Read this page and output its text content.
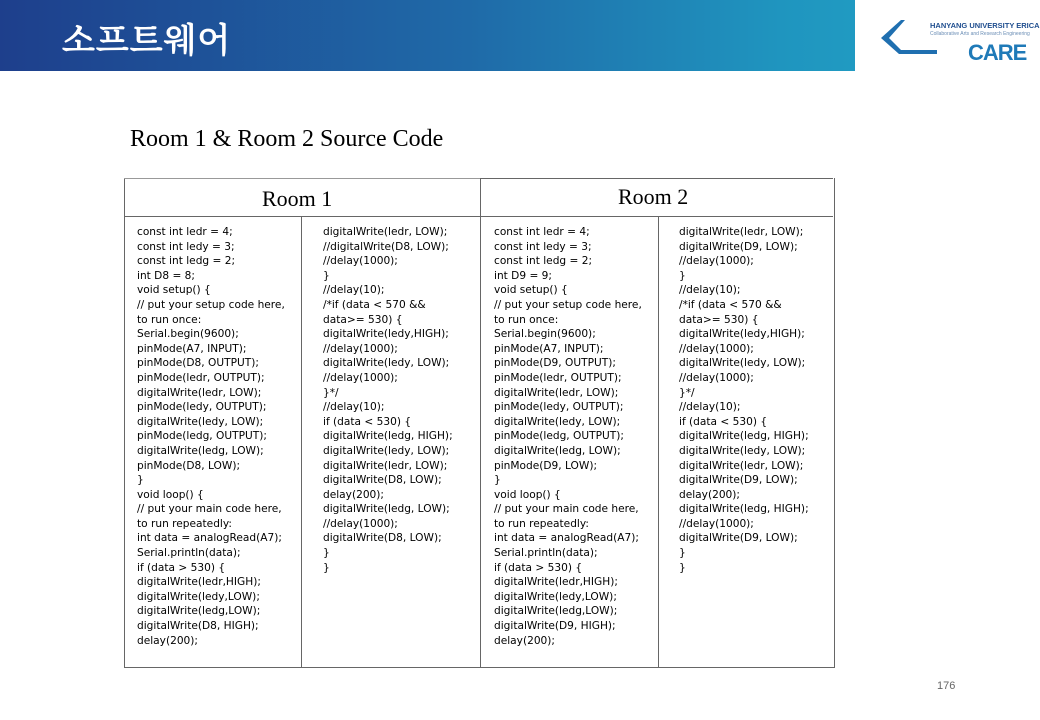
소프트웨어	HANYANG UNIVERSITY ERICA
Collaborative Arts and Research Engineering
CARE
Room 1 & Room 2 Source Code
Room 1	Room 2
const int ledr = 4;
const int ledy = 3;
const int ledg = 2;
int D8 = 8;
void setup() {
// put your setup code here,
to run once:
Serial.begin(9600);
pinMode(A7, INPUT);
pinMode(D8, OUTPUT);
pinMode(ledr, OUTPUT);
digitalWrite(ledr, LOW);
pinMode(ledy, OUTPUT);
digitalWrite(ledy, LOW);
pinMode(ledg, OUTPUT);
digitalWrite(ledg, LOW);
pinMode(D8, LOW);
}
void loop() {
// put your main code here,
to run repeatedly:
int data = analogRead(A7);
Serial.println(data);
if (data > 530) {
digitalWrite(ledr,HIGH);
digitalWrite(ledy,LOW);
digitalWrite(ledg,LOW);
digitalWrite(D8, HIGH);
delay(200);
digitalWrite(ledr, LOW);
//digitalWrite(D8, LOW);
//delay(1000);
}
//delay(10);
/*if (data < 570 &&
data>= 530) {
digitalWrite(ledy,HIGH);
//delay(1000);
digitalWrite(ledy, LOW);
//delay(1000);
}*/
//delay(10);
if (data < 530) {
digitalWrite(ledg, HIGH);
digitalWrite(ledy, LOW);
digitalWrite(ledr, LOW);
digitalWrite(D8, LOW);
delay(200);
digitalWrite(ledg, LOW);
//delay(1000);
digitalWrite(D8, LOW);
}
}
const int ledr = 4;
const int ledy = 3;
const int ledg = 2;
int D9 = 9;
void setup() {
// put your setup code here,
to run once:
Serial.begin(9600);
pinMode(A7, INPUT);
pinMode(D9, OUTPUT);
pinMode(ledr, OUTPUT);
digitalWrite(ledr, LOW);
pinMode(ledy, OUTPUT);
digitalWrite(ledy, LOW);
pinMode(ledg, OUTPUT);
digitalWrite(ledg, LOW);
pinMode(D9, LOW);
}
void loop() {
// put your main code here,
to run repeatedly:
int data = analogRead(A7);
Serial.println(data);
if (data > 530) {
digitalWrite(ledr,HIGH);
digitalWrite(ledy,LOW);
digitalWrite(ledg,LOW);
digitalWrite(D9, HIGH);
delay(200);
digitalWrite(ledr, LOW);
digitalWrite(D9, LOW);
//delay(1000);
}
//delay(10);
/*if (data < 570 &&
data>= 530) {
digitalWrite(ledy,HIGH);
//delay(1000);
digitalWrite(ledy, LOW);
//delay(1000);
}*/
//delay(10);
if (data < 530) {
digitalWrite(ledg, HIGH);
digitalWrite(ledy, LOW);
digitalWrite(ledr, LOW);
digitalWrite(D9, LOW);
delay(200);
digitalWrite(ledg, HIGH);
//delay(1000);
digitalWrite(D9, LOW);
}
}
176
